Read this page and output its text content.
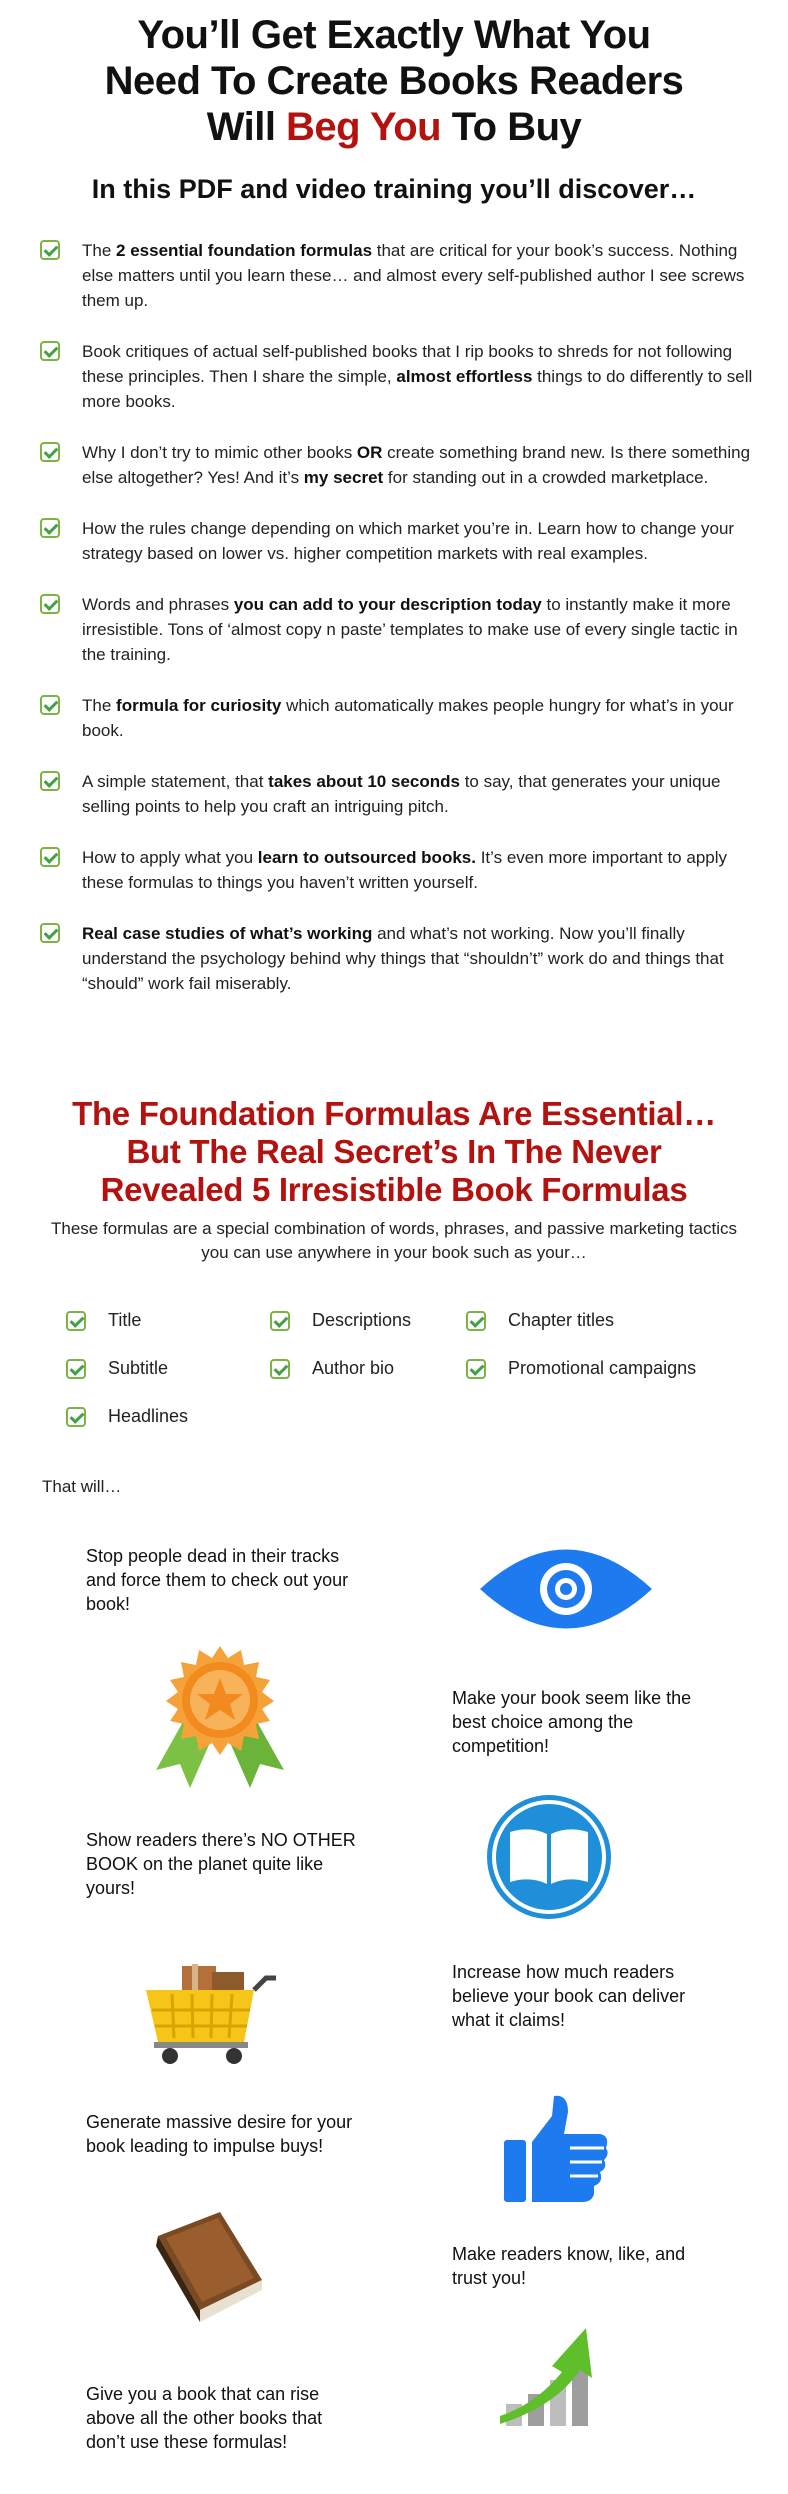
You’ll Get Exactly What You
Need To Create Books Readers
Will Beg You To Buy
In this PDF and video training you’ll discover…
The 2 essential foundation formulas that are critical for your book’s success. Nothing else matters until you learn these… and almost every self-published author I see screws them up.
Book critiques of actual self-published books that I rip books to shreds for not following these principles. Then I share the simple, almost effortless things to do differently to sell more books.
Why I don’t try to mimic other books OR create something brand new. Is there something else altogether? Yes! And it’s my secret for standing out in a crowded marketplace.
How the rules change depending on which market you’re in. Learn how to change your strategy based on lower vs. higher competition markets with real examples.
Words and phrases you can add to your description today to instantly make it more irresistible. Tons of ‘almost copy n paste’ templates to make use of every single tactic in the training.
The formula for curiosity which automatically makes people hungry for what’s in your book.
A simple statement, that takes about 10 seconds to say, that generates your unique selling points to help you craft an intriguing pitch.
How to apply what you learn to outsourced books. It’s even more important to apply these formulas to things you haven’t written yourself.
Real case studies of what’s working and what’s not working. Now you’ll finally understand the psychology behind why things that “shouldn’t” work do and things that “should” work fail miserably.
The Foundation Formulas Are Essential…
But The Real Secret’s In The Never
Revealed 5 Irresistible Book Formulas
These formulas are a special combination of words, phrases, and passive marketing tactics you can use anywhere in your book such as your…
Title	Descriptions	Chapter titles
Subtitle	Author bio	Promotional campaigns
Headlines
That will…
Stop people dead in their tracks and force them to check out your book!
Make your book seem like the best choice among the competition!
Show readers there’s NO OTHER BOOK on the planet quite like yours!
Increase how much readers believe your book can deliver what it claims!
Generate massive desire for your book leading to impulse buys!
Make readers know, like, and trust you!
Give you a book that can rise above all the other books that don’t use these formulas!
